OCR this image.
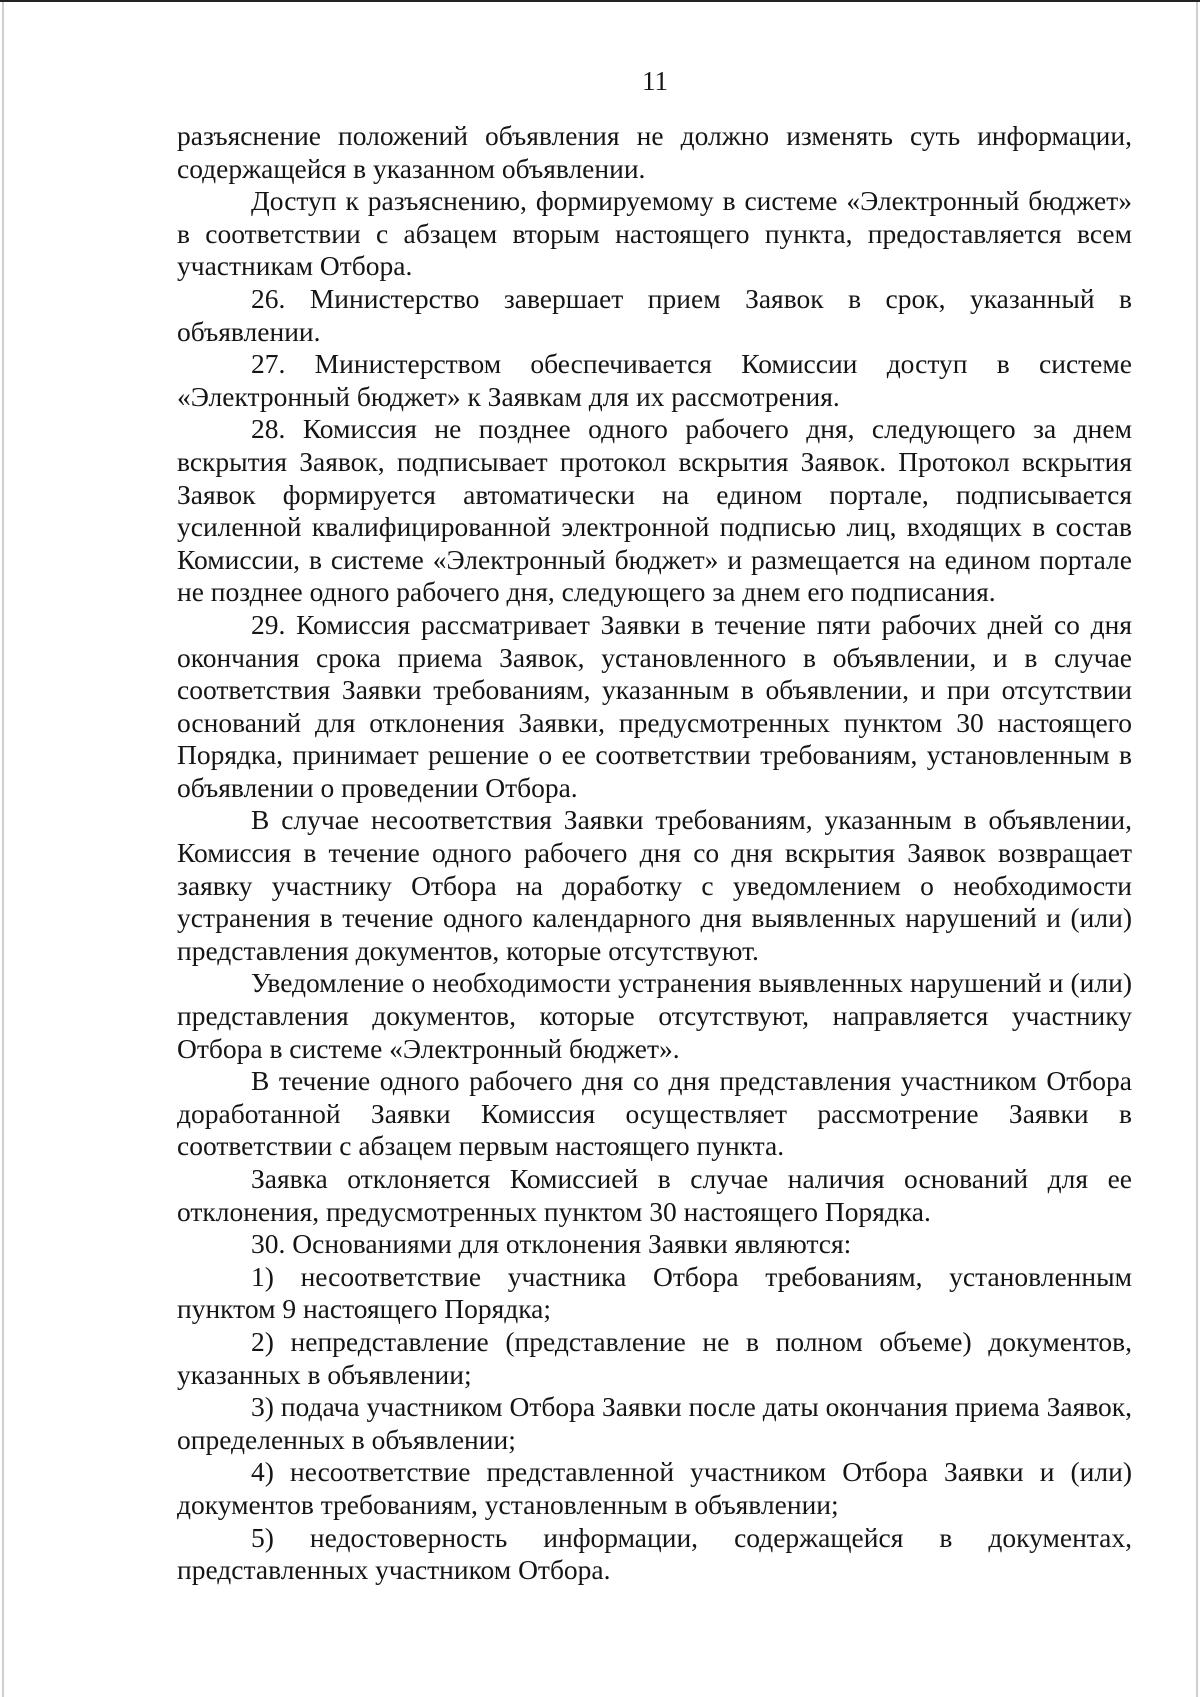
11

разъяснение положений объявления не должно изменять суть информации, содержащейся в указанном объявлении.

Доступ к разъяснению, формируемому в системе «Электронный бюджет» в соответствии с абзацем вторым настоящего пункта, предоставляется всем участникам Отбора.

26. Министерство завершает прием Заявок в срок, указанный в объявлении.

27. Министерством обеспечивается Комиссии доступ в системе «Электронный бюджет» к Заявкам для их рассмотрения.

28. Комиссия не позднее одного рабочего дня, следующего за днем вскрытия Заявок, подписывает протокол вскрытия Заявок. Протокол вскрытия Заявок формируется автоматически на едином портале, подписывается усиленной квалифицированной электронной подписью лиц, входящих в состав Комиссии, в системе «Электронный бюджет» и размещается на едином портале не позднее одного рабочего дня, следующего за днем его подписания.

29. Комиссия рассматривает Заявки в течение пяти рабочих дней со дня окончания срока приема Заявок, установленного в объявлении, и в случае соответствия Заявки требованиям, указанным в объявлении, и при отсутствии оснований для отклонения Заявки, предусмотренных пунктом 30 настоящего Порядка, принимает решение о ее соответствии требованиям, установленным в объявлении о проведении Отбора.

В случае несоответствия Заявки требованиям, указанным в объявлении, Комиссия в течение одного рабочего дня со дня вскрытия Заявок возвращает заявку участнику Отбора на доработку с уведомлением о необходимости устранения в течение одного календарного дня выявленных нарушений и (или) представления документов, которые отсутствуют.

Уведомление о необходимости устранения выявленных нарушений и (или) представления документов, которые отсутствуют, направляется участнику Отбора в системе «Электронный бюджет».

В течение одного рабочего дня со дня представления участником Отбора доработанной Заявки Комиссия осуществляет рассмотрение Заявки в соответствии с абзацем первым настоящего пункта.

Заявка отклоняется Комиссией в случае наличия оснований для ее отклонения, предусмотренных пунктом 30 настоящего Порядка.

30. Основаниями для отклонения Заявки являются:

1) несоответствие участника Отбора требованиям, установленным пунктом 9 настоящего Порядка;

2) непредставление (представление не в полном объеме) документов, указанных в объявлении;

3) подача участником Отбора Заявки после даты окончания приема Заявок, определенных в объявлении;

4) несоответствие представленной участником Отбора Заявки и (или) документов требованиям, установленным в объявлении;

5) недостоверность информации, содержащейся в документах, представленных участником Отбора.
